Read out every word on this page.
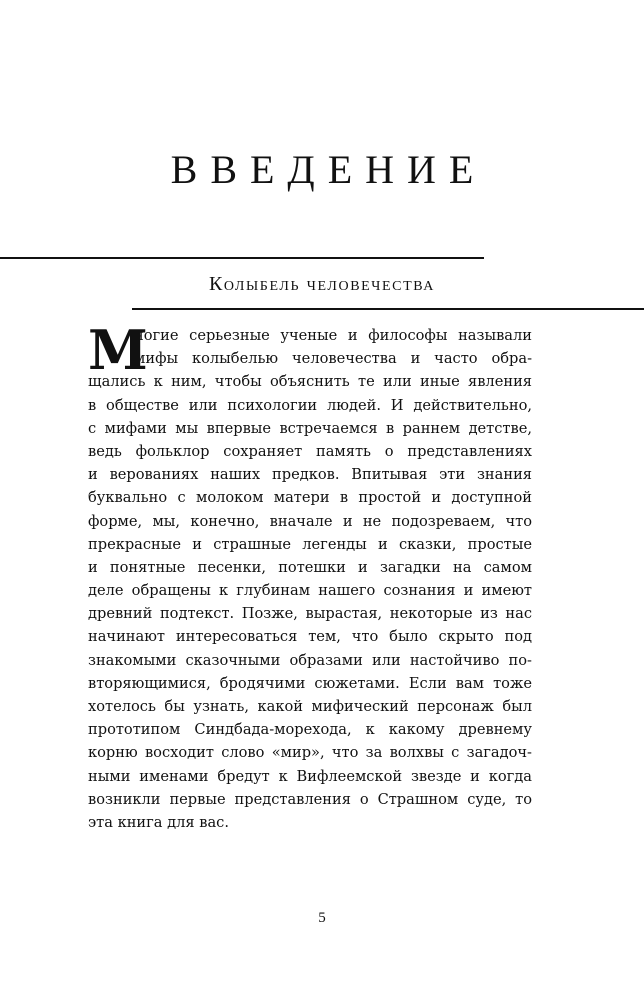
ВВЕДЕНИЕ
Колыбель человечества
М
ногие серьезные ученые и философы называли
мифы колыбелью человечества и часто обра-
щались к ним, чтобы объяснить те или иные явления
в обществе или психологии людей. И действительно,
с мифами мы впервые встречаемся в раннем детстве,
ведь фольклор сохраняет память о представлениях
и верованиях наших предков. Впитывая эти знания
буквально с молоком матери в простой и доступной
форме, мы, конечно, вначале и не подозреваем, что
прекрасные и страшные легенды и сказки, простые
и понятные песенки, потешки и загадки на самом
деле обращены к глубинам нашего сознания и имеют
древний подтекст. Позже, вырастая, некоторые из нас
начинают интересоваться тем, что было скрыто под
знакомыми сказочными образами или настойчиво по-
вторяющимися, бродячими сюжетами. Если вам тоже
хотелось бы узнать, какой мифический персонаж был
прототипом Синдбада-морехода, к какому древнему
корню восходит слово «мир», что за волхвы с загадоч-
ными именами бредут к Вифлеемской звезде и когда
возникли первые представления о Страшном суде, то
эта книга для вас.
5
